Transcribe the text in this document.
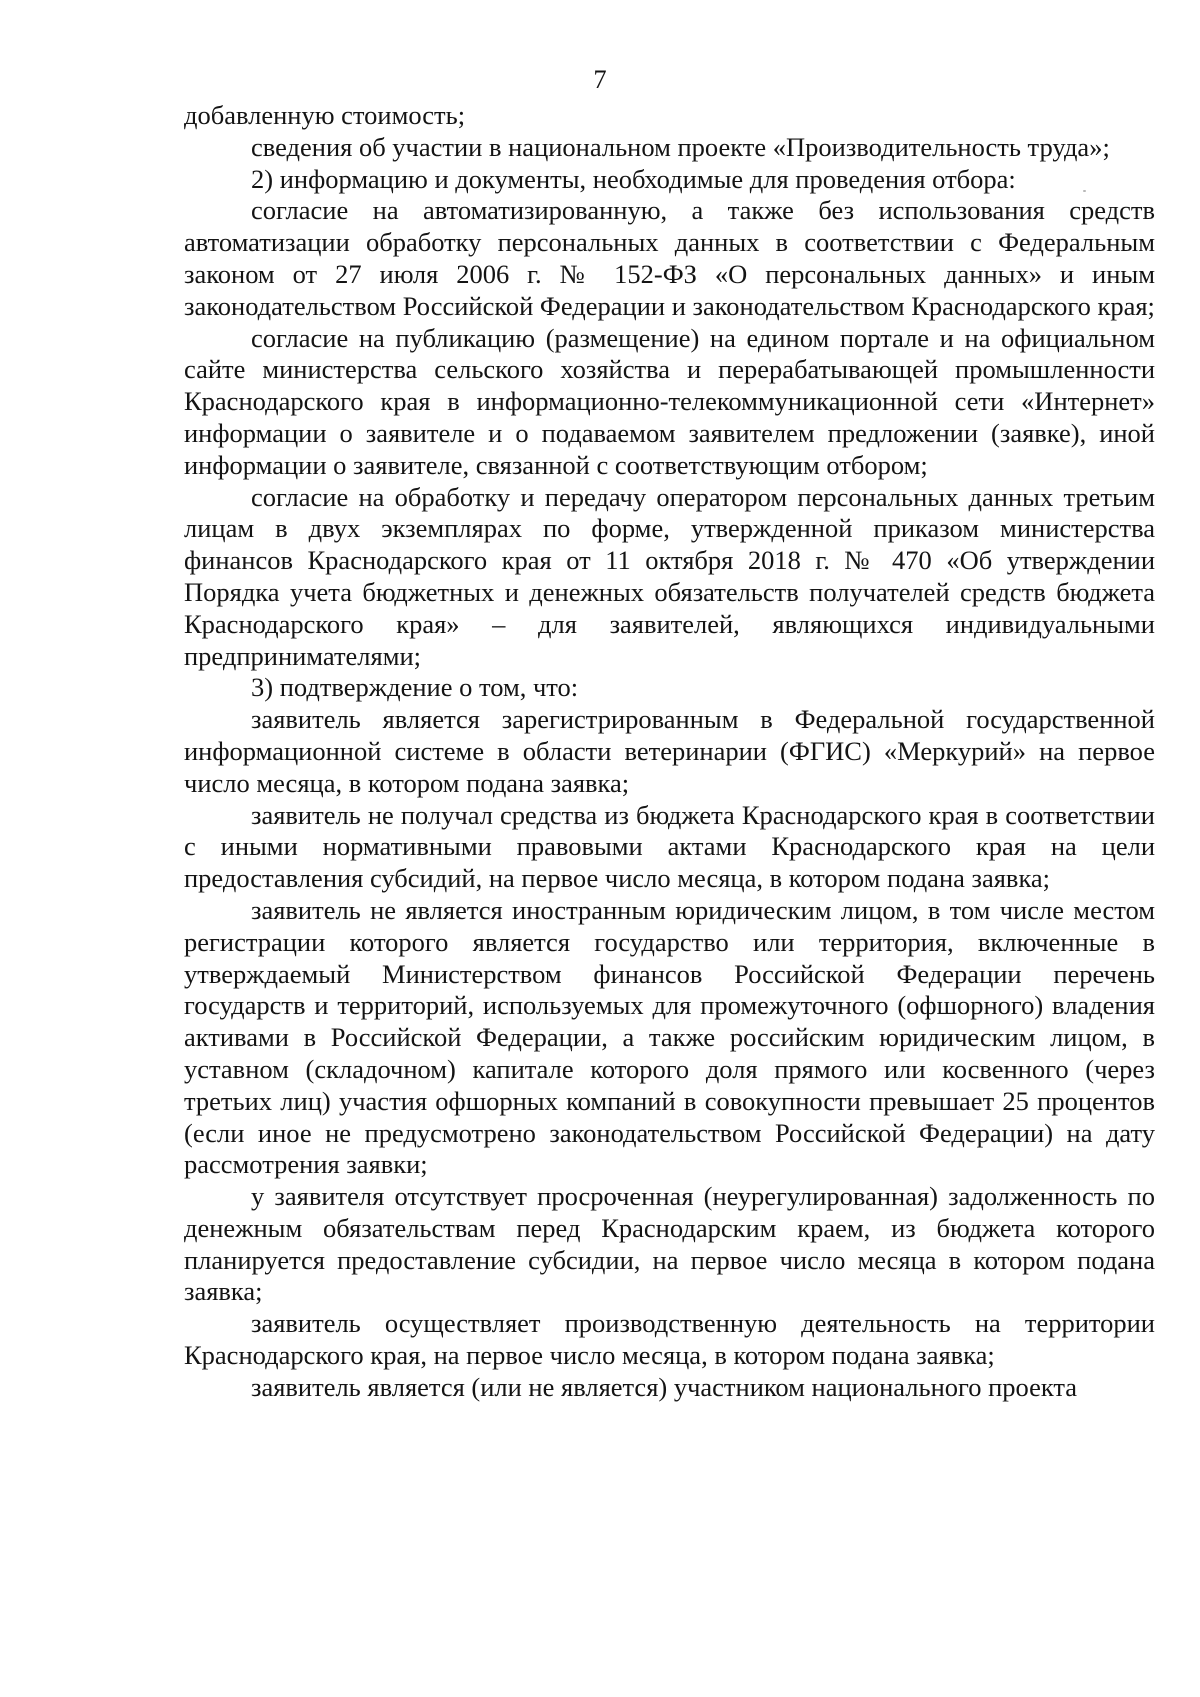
7

добавленную стоимость;

сведения об участии в национальном проекте «Производительность труда»;

2) информацию и документы, необходимые для проведения отбора:

согласие на автоматизированную, а также без использования средств автоматизации обработку персональных данных в соответствии с Федеральным законом от 27 июля 2006 г. № 152-ФЗ «О персональных данных» и иным законодательством Российской Федерации и законодательством Краснодарского края;

согласие на публикацию (размещение) на едином портале и на официальном сайте министерства сельского хозяйства и перерабатывающей промышленности Краснодарского края в информационно-телекоммуникационной сети «Интернет» информации о заявителе и о подаваемом заявителем предложении (заявке), иной информации о заявителе, связанной с соответствующим отбором;

согласие на обработку и передачу оператором персональных данных третьим лицам в двух экземплярах по форме, утвержденной приказом министерства финансов Краснодарского края от 11 октября 2018 г. № 470 «Об утверждении Порядка учета бюджетных и денежных обязательств получателей средств бюджета Краснодарского края» – для заявителей, являющихся индивидуальными предпринимателями;

3) подтверждение о том, что:

заявитель является зарегистрированным в Федеральной государственной информационной системе в области ветеринарии (ФГИС) «Меркурий» на первое число месяца, в котором подана заявка;

заявитель не получал средства из бюджета Краснодарского края в соответствии с иными нормативными правовыми актами Краснодарского края на цели предоставления субсидий, на первое число месяца, в котором подана заявка;

заявитель не является иностранным юридическим лицом, в том числе местом регистрации которого является государство или территория, включенные в утверждаемый Министерством финансов Российской Федерации перечень государств и территорий, используемых для промежуточного (офшорного) владения активами в Российской Федерации, а также российским юридическим лицом, в уставном (складочном) капитале которого доля прямого или косвенного (через третьих лиц) участия офшорных компаний в совокупности превышает 25 процентов (если иное не предусмотрено законодательством Российской Федерации) на дату рассмотрения заявки;

у заявителя отсутствует просроченная (неурегулированная) задолженность по денежным обязательствам перед Краснодарским краем, из бюджета которого планируется предоставление субсидии, на первое число месяца в котором подана заявка;

заявитель осуществляет производственную деятельность на территории Краснодарского края, на первое число месяца, в котором подана заявка;

заявитель является (или не является) участником национального проекта
